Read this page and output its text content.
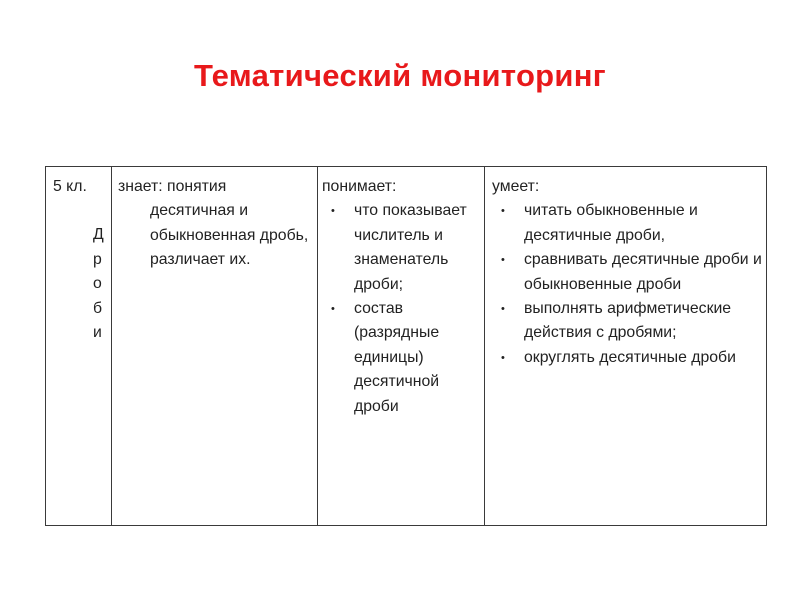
Тематический мониторинг
5 кл.
Д
р
о
б
и
знает: понятия десятичная и обыкновенная дробь, различает их.
понимает:
• что показывает числитель и знаменатель дроби;
• состав (разрядные единицы) десятичной дроби
умеет:
• читать обыкновенные и десятичные дроби,
• сравнивать десятичные дроби и обыкновенные дроби
• выполнять арифметические действия с дробями;
• округлять десятичные дроби
